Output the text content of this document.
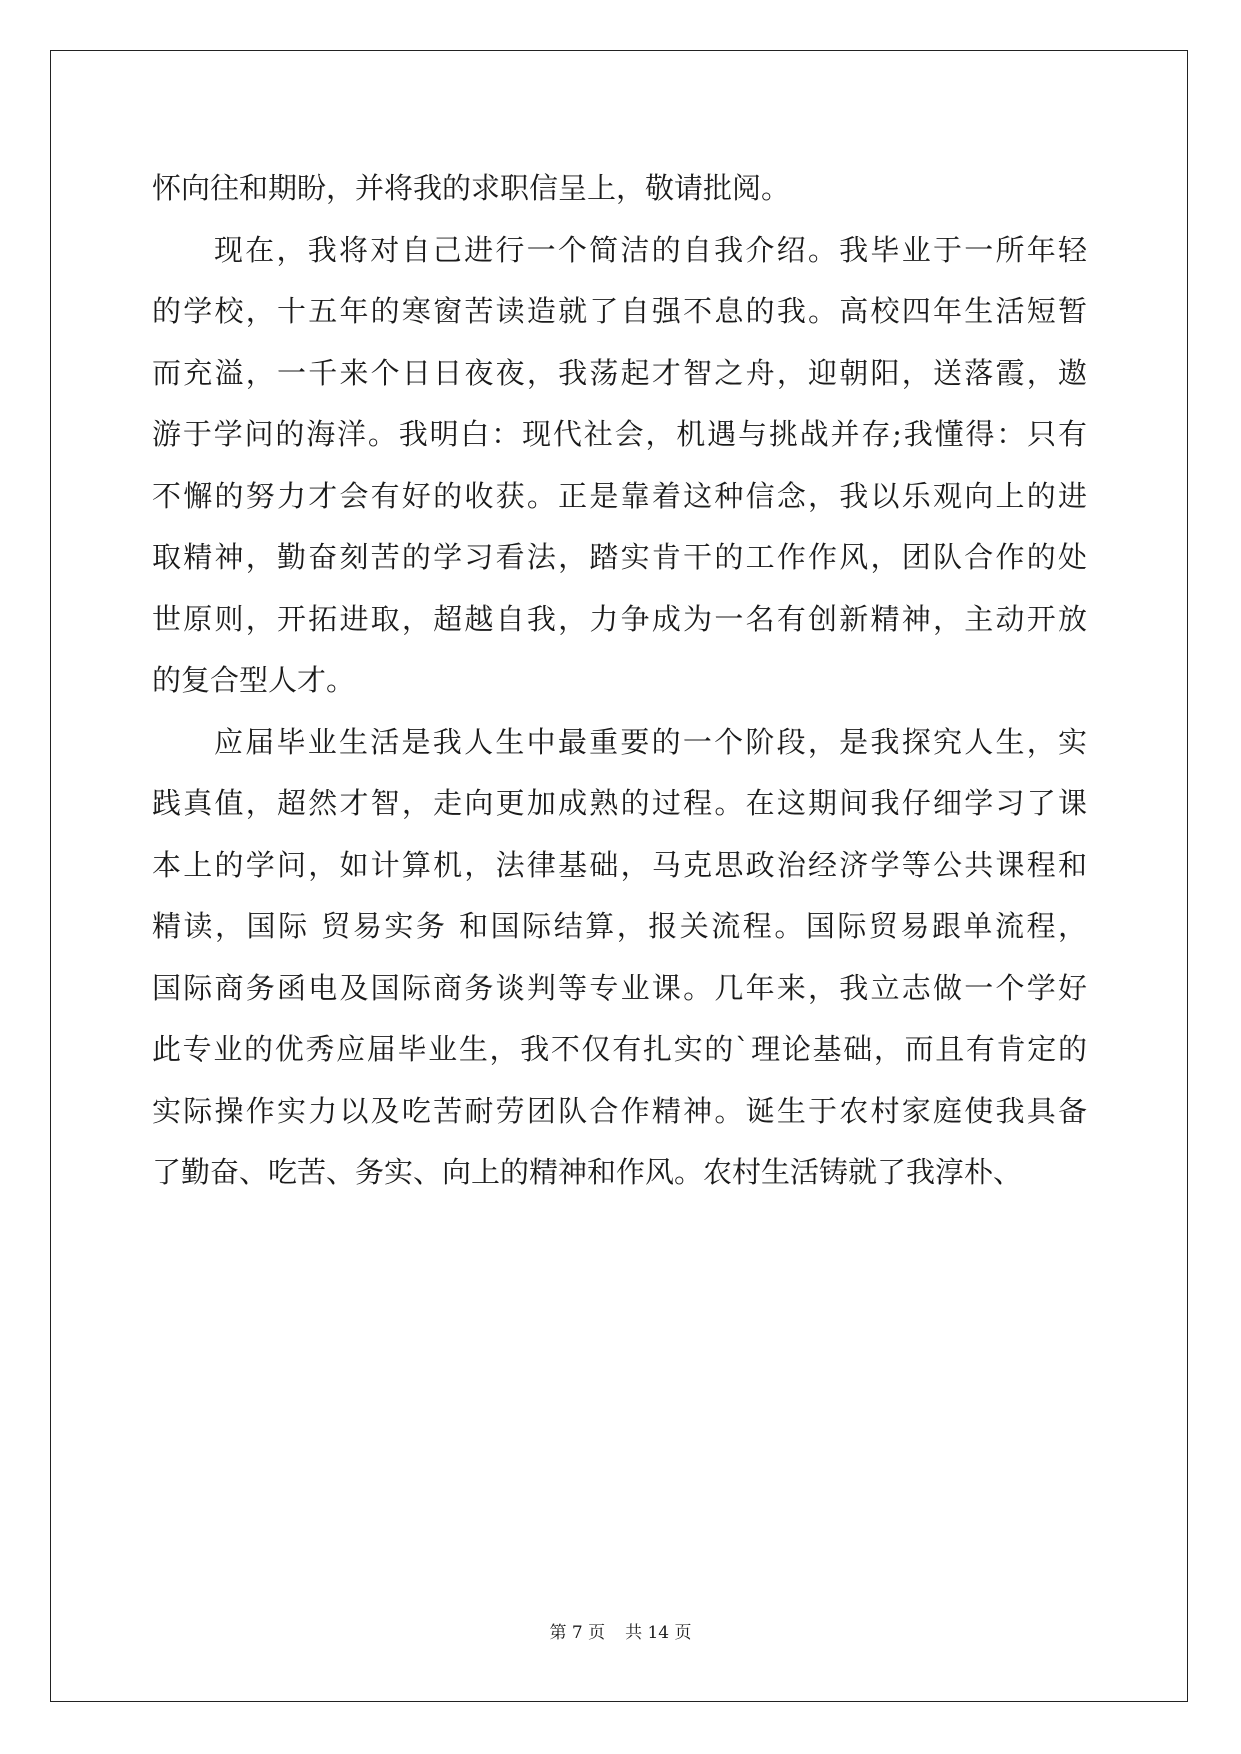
怀向往和期盼，并将我的求职信呈上，敬请批阅。
现在，我将对自己进行一个简洁的自我介绍。我毕业于一所年轻
的学校，十五年的寒窗苦读造就了自强不息的我。高校四年生活短暂
而充溢，一千来个日日夜夜，我荡起才智之舟，迎朝阳，送落霞，遨
游于学问的海洋。我明白：现代社会，机遇与挑战并存;我懂得：只有
不懈的努力才会有好的收获。正是靠着这种信念，我以乐观向上的进
取精神，勤奋刻苦的学习看法，踏实肯干的工作作风，团队合作的处
世原则，开拓进取，超越自我，力争成为一名有创新精神，主动开放
的复合型人才。
应届毕业生活是我人生中最重要的一个阶段，是我探究人生，实
践真值，超然才智，走向更加成熟的过程。在这期间我仔细学习了课
本上的学问，如计算机，法律基础，马克思政治经济学等公共课程和
精读，国际 贸易实务 和国际结算，报关流程。国际贸易跟单流程，
国际商务函电及国际商务谈判等专业课。几年来，我立志做一个学好
此专业的优秀应届毕业生，我不仅有扎实的`理论基础，而且有肯定的
实际操作实力以及吃苦耐劳团队合作精神。诞生于农村家庭使我具备
了勤奋、吃苦、务实、向上的精神和作风。农村生活铸就了我淳朴、
第 7 页 共 14 页
